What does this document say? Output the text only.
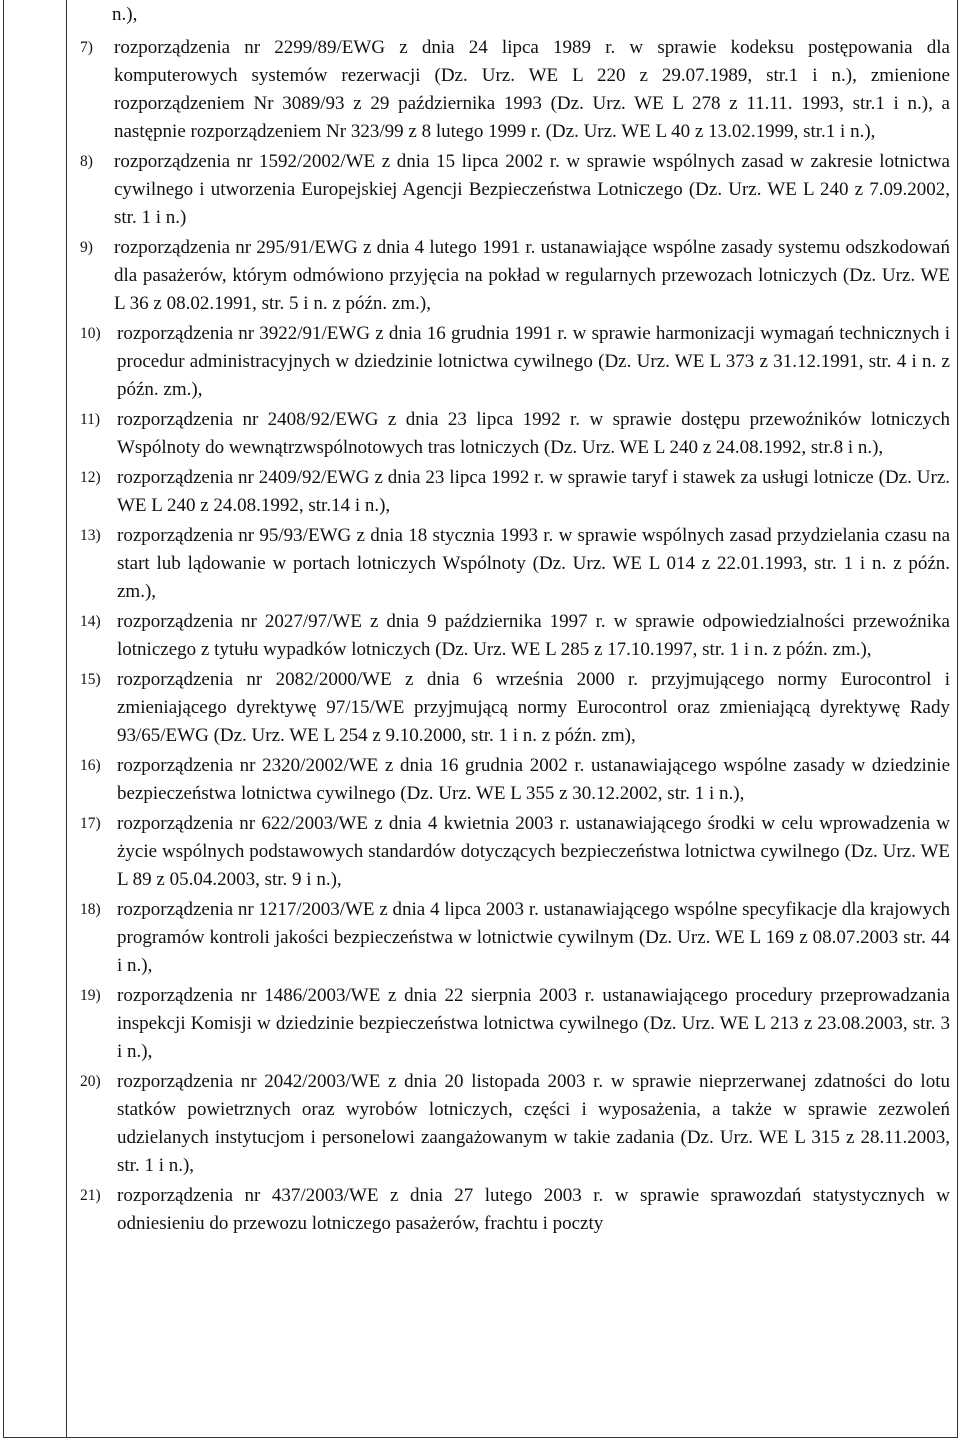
n.),
7) rozporządzenia nr 2299/89/EWG z dnia 24 lipca 1989 r. w sprawie kodeksu postępowania dla komputerowych systemów rezerwacji (Dz. Urz. WE L 220 z 29.07.1989, str.1 i n.), zmienione rozporządzeniem Nr 3089/93 z 29 października 1993 (Dz. Urz. WE L 278 z 11.11. 1993, str.1 i n.), a następnie rozporządzeniem Nr 323/99 z 8 lutego 1999 r. (Dz. Urz. WE L 40 z 13.02.1999, str.1 i n.),
8) rozporządzenia nr 1592/2002/WE z dnia 15 lipca 2002 r. w sprawie wspólnych zasad w zakresie lotnictwa cywilnego i utworzenia Europejskiej Agencji Bezpieczeństwa Lotniczego (Dz. Urz. WE L 240 z 7.09.2002, str. 1 i n.)
9) rozporządzenia nr 295/91/EWG z dnia 4 lutego 1991 r. ustanawiające wspólne zasady systemu odszkodowań dla pasażerów, którym odmówiono przyjęcia na pokład w regularnych przewozach lotniczych (Dz. Urz. WE L 36 z 08.02.1991, str. 5 i n. z późn. zm.),
10) rozporządzenia nr 3922/91/EWG z dnia 16 grudnia 1991 r. w sprawie harmonizacji wymagań technicznych i procedur administracyjnych w dziedzinie lotnictwa cywilnego (Dz. Urz. WE L 373 z 31.12.1991, str. 4 i n. z późn. zm.),
11) rozporządzenia nr 2408/92/EWG z dnia 23 lipca 1992 r. w sprawie dostępu przewoźników lotniczych Wspólnoty do wewnątrzwspólnotowych tras lotniczych (Dz. Urz. WE L 240 z 24.08.1992, str.8 i n.),
12) rozporządzenia nr 2409/92/EWG z dnia 23 lipca 1992 r. w sprawie taryf i stawek za usługi lotnicze (Dz. Urz. WE L 240 z 24.08.1992, str.14 i n.),
13) rozporządzenia nr 95/93/EWG z dnia 18 stycznia 1993 r. w sprawie wspólnych zasad przydzielania czasu na start lub lądowanie w portach lotniczych Wspólnoty (Dz. Urz. WE L 014 z 22.01.1993, str. 1 i n. z późn. zm.),
14) rozporządzenia nr 2027/97/WE z dnia 9 października 1997 r. w sprawie odpowiedzialności przewoźnika lotniczego z tytułu wypadków lotniczych (Dz. Urz. WE L 285 z 17.10.1997, str. 1 i n. z późn. zm.),
15) rozporządzenia nr 2082/2000/WE z dnia 6 września 2000 r. przyjmującego normy Eurocontrol i zmieniającego dyrektywę 97/15/WE przyjmującą normy Eurocontrol oraz zmieniającą dyrektywę Rady 93/65/EWG (Dz. Urz. WE L 254 z 9.10.2000, str. 1 i n. z późn. zm),
16) rozporządzenia nr 2320/2002/WE z dnia 16 grudnia 2002 r. ustanawiającego wspólne zasady w dziedzinie bezpieczeństwa lotnictwa cywilnego (Dz. Urz. WE L 355 z 30.12.2002, str. 1 i n.),
17) rozporządzenia nr 622/2003/WE z dnia 4 kwietnia 2003 r. ustanawiającego środki w celu wprowadzenia w życie wspólnych podstawowych standardów dotyczących bezpieczeństwa lotnictwa cywilnego (Dz. Urz. WE L 89 z 05.04.2003, str. 9 i n.),
18) rozporządzenia nr 1217/2003/WE z dnia 4 lipca 2003 r. ustanawiającego wspólne specyfikacje dla krajowych programów kontroli jakości bezpieczeństwa w lotnictwie cywilnym (Dz. Urz. WE L 169 z 08.07.2003 str. 44 i n.),
19) rozporządzenia nr 1486/2003/WE z dnia 22 sierpnia 2003 r. ustanawiającego procedury przeprowadzania inspekcji Komisji w dziedzinie bezpieczeństwa lotnictwa cywilnego (Dz. Urz. WE L 213 z 23.08.2003, str. 3 i n.),
20) rozporządzenia nr 2042/2003/WE z dnia 20 listopada 2003 r. w sprawie nieprzerwanej zdatności do lotu statków powietrznych oraz wyrobów lotniczych, części i wyposażenia, a także w sprawie zezwoleń udzielanych instytucjom i personelowi zaangażowanym w takie zadania (Dz. Urz. WE L 315 z 28.11.2003, str. 1 i n.),
21) rozporządzenia nr 437/2003/WE z dnia 27 lutego 2003 r. w sprawie sprawozdań statystycznych w odniesieniu do przewozu lotniczego pasażerów, frachtu i poczty
